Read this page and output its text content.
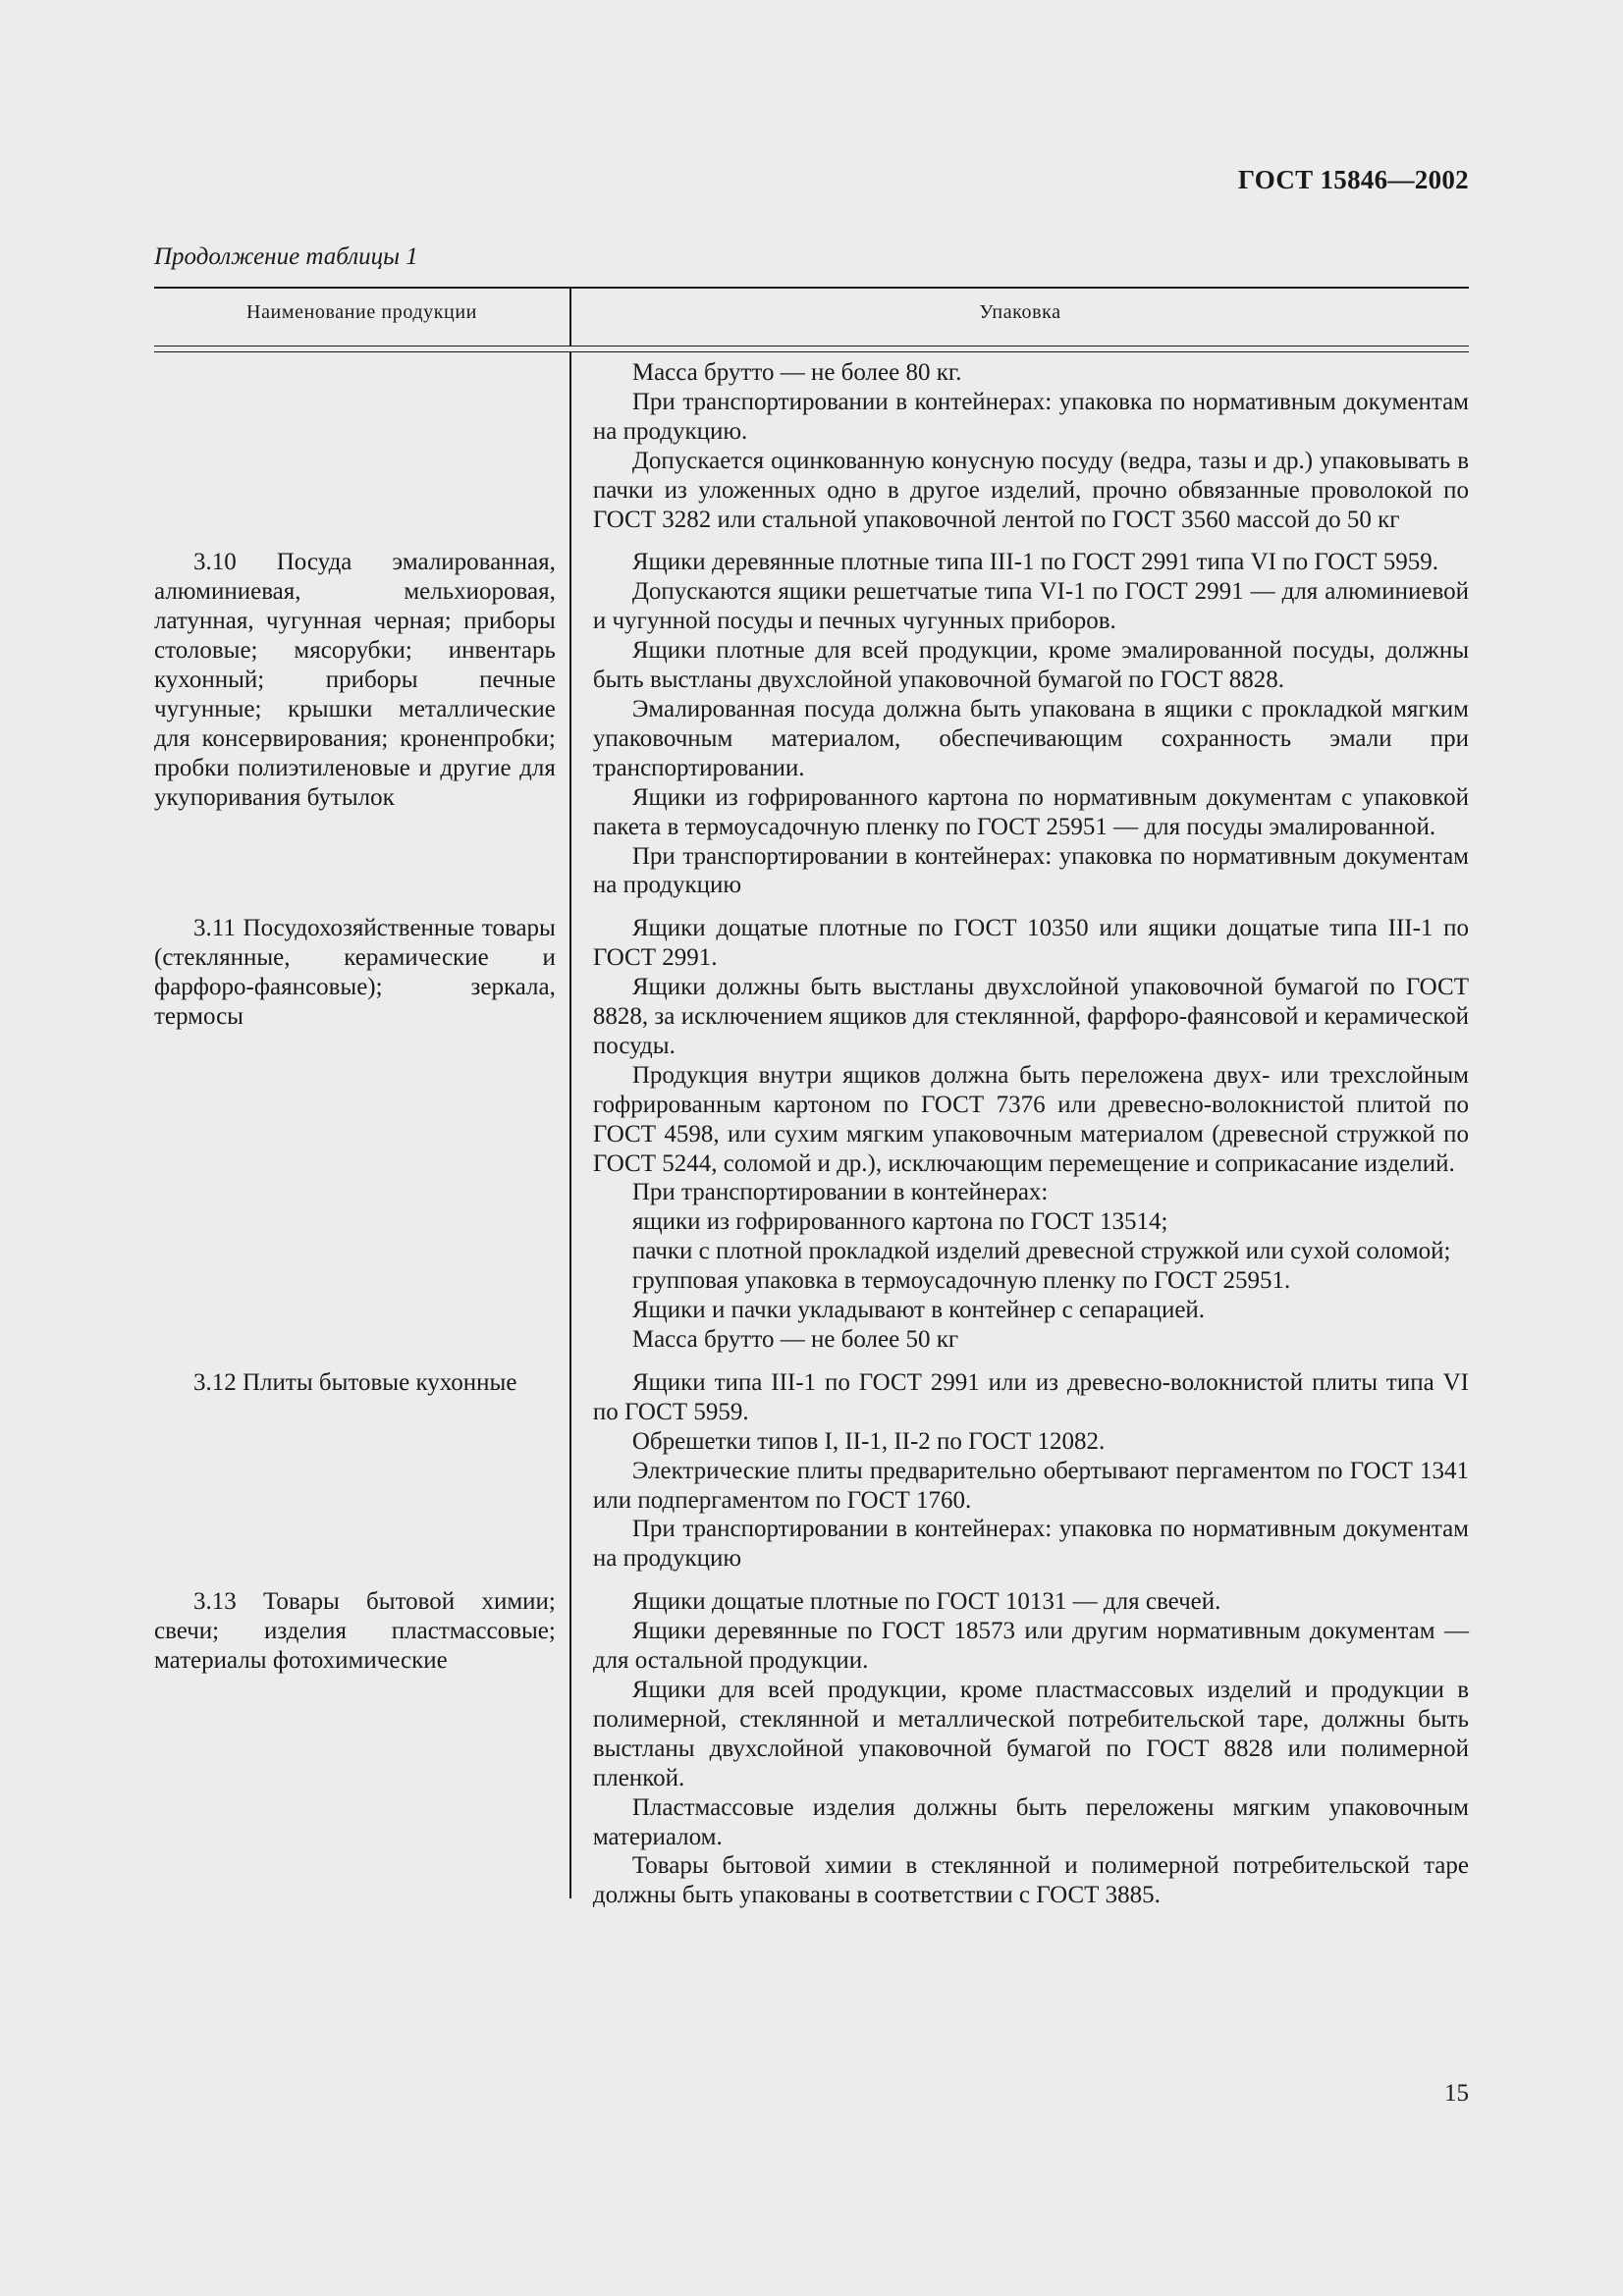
ГОСТ 15846—2002
Продолжение таблицы 1
Наименование продукции	Упаковка

Масса брутто — не более 80 кг.

При транспортировании в контейнерах: упаковка по нормативным документам на продукцию.

Допускается оцинкованную конусную посуду (ведра, тазы и др.) упаковывать в пачки из уложенных одно в другое изделий, прочно обвязанные проволокой по ГОСТ 3282 или стальной упаковочной лентой по ГОСТ 3560 массой до 50 кг

3.10 Посуда эмалированная, алюминиевая, мельхиоровая, латунная, чугунная черная; приборы столовые; мясорубки; инвентарь кухонный; приборы печные чугунные; крышки металлические для консервирования; кроненпробки; пробки полиэтиленовые и другие для укупоривания бутылок

Ящики деревянные плотные типа III-1 по ГОСТ 2991 типа VI по ГОСТ 5959.

Допускаются ящики решетчатые типа VI-1 по ГОСТ 2991 — для алюминиевой и чугунной посуды и печных чугунных приборов.

Ящики плотные для всей продукции, кроме эмалированной посуды, должны быть выстланы двухслойной упаковочной бумагой по ГОСТ 8828.

Эмалированная посуда должна быть упакована в ящики с прокладкой мягким упаковочным материалом, обеспечивающим сохранность эмали при транспортировании.

Ящики из гофрированного картона по нормативным документам с упаковкой пакета в термоусадочную пленку по ГОСТ 25951 — для посуды эмалированной.

При транспортировании в контейнерах: упаковка по нормативным документам на продукцию

3.11 Посудохозяйственные товары (стеклянные, керамические и фарфоро-фаянсовые); зеркала, термосы

Ящики дощатые плотные по ГОСТ 10350 или ящики дощатые типа III-1 по ГОСТ 2991.

Ящики должны быть выстланы двухслойной упаковочной бумагой по ГОСТ 8828, за исключением ящиков для стеклянной, фарфоро-фаянсовой и керамической посуды.

Продукция внутри ящиков должна быть переложена двух- или трехслойным гофрированным картоном по ГОСТ 7376 или древесно-волокнистой плитой по ГОСТ 4598, или сухим мягким упаковочным материалом (древесной стружкой по ГОСТ 5244, соломой и др.), исключающим перемещение и соприкасание изделий.

При транспортировании в контейнерах:

ящики из гофрированного картона по ГОСТ 13514;

пачки с плотной прокладкой изделий древесной стружкой или сухой соломой;

групповая упаковка в термоусадочную пленку по ГОСТ 25951.

Ящики и пачки укладывают в контейнер с сепарацией.

Масса брутто — не более 50 кг

3.12 Плиты бытовые кухонные	Ящики типа III-1 по ГОСТ 2991 или из древесно-волокнистой плиты типа VI по ГОСТ 5959.

Обрешетки типов I, II-1, II-2 по ГОСТ 12082.

Электрические плиты предварительно обертывают пергаментом по ГОСТ 1341 или подпергаментом по ГОСТ 1760.

При транспортировании в контейнерах: упаковка по нормативным документам на продукцию

3.13 Товары бытовой химии; свечи; изделия пластмассовые; материалы фотохимические

Ящики дощатые плотные по ГОСТ 10131 — для свечей.

Ящики деревянные по ГОСТ 18573 или другим нормативным документам — для остальной продукции.

Ящики для всей продукции, кроме пластмассовых изделий и продукции в полимерной, стеклянной и металлической потребительской таре, должны быть выстланы двухслойной упаковочной бумагой по ГОСТ 8828 или полимерной пленкой.

Пластмассовые изделия должны быть переложены мягким упаковочным материалом.

Товары бытовой химии в стеклянной и полимерной потребительской таре должны быть упакованы в соответствии с ГОСТ 3885.

15
